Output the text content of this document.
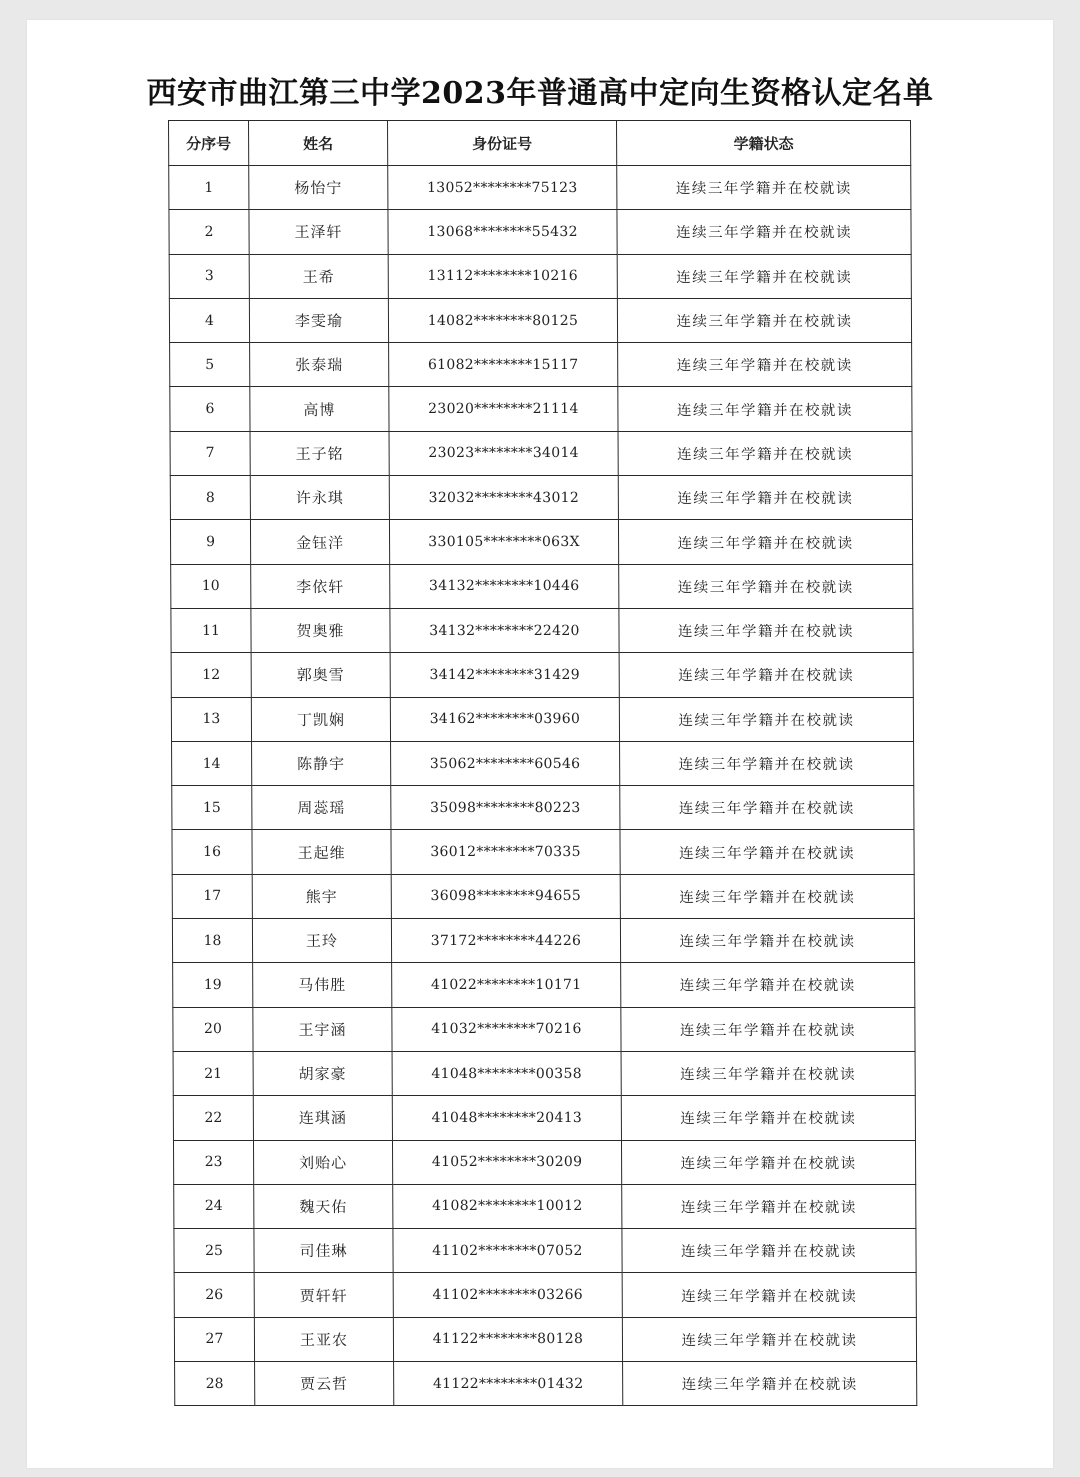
西安市曲江第三中学2023年普通高中定向生资格认定名单
分序号	姓名	身份证号	学籍状态
1	杨怡宁	13052********75123	连续三年学籍并在校就读
2	王泽轩	13068********55432	连续三年学籍并在校就读
3	王希	13112********10216	连续三年学籍并在校就读
4	李雯瑜	14082********80125	连续三年学籍并在校就读
5	张泰瑞	61082********15117	连续三年学籍并在校就读
6	高博	23020********21114	连续三年学籍并在校就读
7	王子铭	23023********34014	连续三年学籍并在校就读
8	许永琪	32032********43012	连续三年学籍并在校就读
9	金钰洋	330105********063X	连续三年学籍并在校就读
10	李依轩	34132********10446	连续三年学籍并在校就读
11	贺奥雅	34132********22420	连续三年学籍并在校就读
12	郭奥雪	34142********31429	连续三年学籍并在校就读
13	丁凯娴	34162********03960	连续三年学籍并在校就读
14	陈静宇	35062********60546	连续三年学籍并在校就读
15	周蕊瑶	35098********80223	连续三年学籍并在校就读
16	王起维	36012********70335	连续三年学籍并在校就读
17	熊宇	36098********94655	连续三年学籍并在校就读
18	王玲	37172********44226	连续三年学籍并在校就读
19	马伟胜	41022********10171	连续三年学籍并在校就读
20	王宇涵	41032********70216	连续三年学籍并在校就读
21	胡家豪	41048********00358	连续三年学籍并在校就读
22	连琪涵	41048********20413	连续三年学籍并在校就读
23	刘贻心	41052********30209	连续三年学籍并在校就读
24	魏天佑	41082********10012	连续三年学籍并在校就读
25	司佳琳	41102********07052	连续三年学籍并在校就读
26	贾轩轩	41102********03266	连续三年学籍并在校就读
27	王亚农	41122********80128	连续三年学籍并在校就读
28	贾云哲	41122********01432	连续三年学籍并在校就读
